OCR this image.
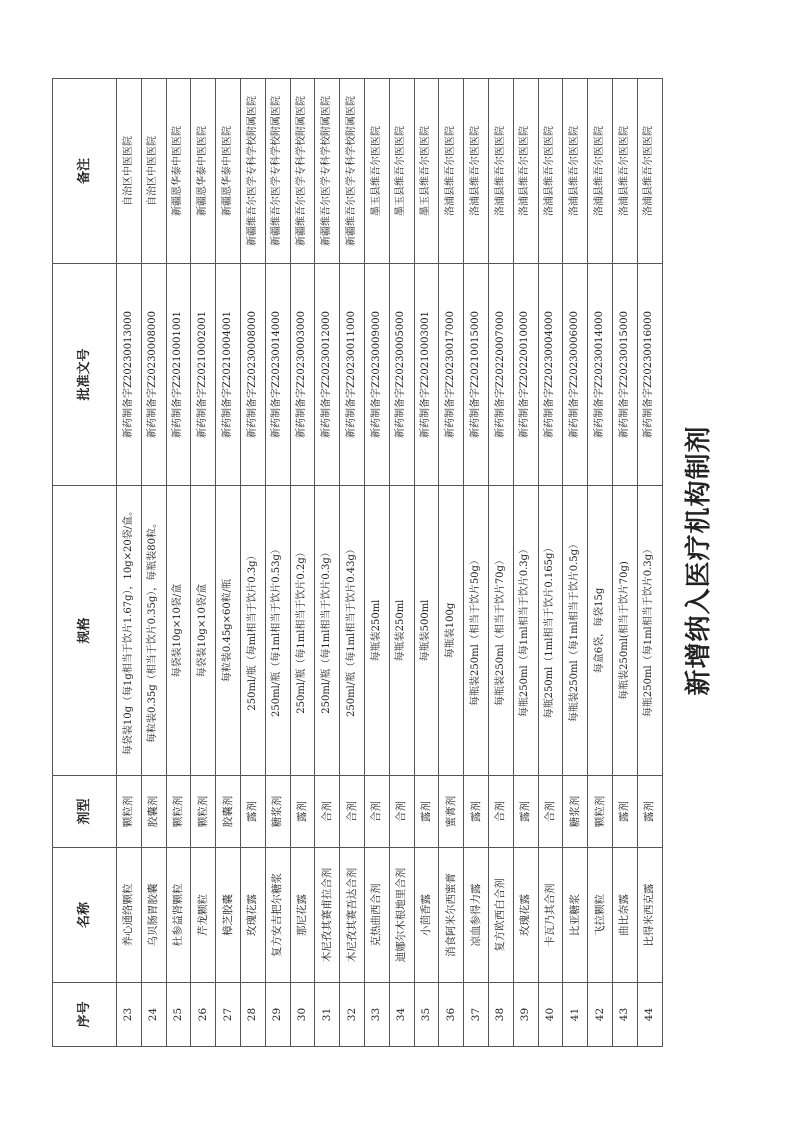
新增纳入医疗机构制剂
序号	名称	剂型	规格	批准文号	备注
23	养心通络颗粒	颗粒剂	每袋装10g（每1g相当于饮片1.67g），10g×20袋/盒。	新药制备字Z20230013000	自治区中医医院
24	乌贝肠胃胶囊	胶囊剂	每粒装0.35g（相当于饮片0.35g），每瓶装80粒。	新药制备字Z20230008000	自治区中医医院
25	杜参益肾颗粒	颗粒剂	每袋装10g×10袋/盒	新药制备字Z20210001001	新疆恩华泰中医医院
26	芹龙颗粒	颗粒剂	每袋装10g×10袋/盒	新药制备字Z20210002001	新疆恩华泰中医医院
27	樟芝胶囊	胶囊剂	每粒装0.45g×60粒/瓶	新药制备字Z20210004001	新疆恩华泰中医医院
28	玫瑰花露	露剂	250ml/瓶（每ml相当于饮片0.3g）	新药制备字Z20230008000	新疆维吾尔医学专科学校附属医院
29	复方安吉把尔糖浆	糖浆剂	250ml/瓶（每1ml相当于饮片0.53g）	新药制备字Z20230014000	新疆维吾尔医学专科学校附属医院
30	那尼花露	露剂	250ml/瓶（每1ml相当于饮片0.2g）	新药制备字Z20230003000	新疆维吾尔医学专科学校附属医院
31	木尼孜其赛甫拉合剂	合剂	250ml/瓶（每1ml相当于饮片0.3g）	新药制备字Z20230012000	新疆维吾尔医学专科学校附属医院
32	木尼孜其赛吾达合剂	合剂	250ml/瓶（每1ml相当于饮片0.43g）	新药制备字Z20230011000	新疆维吾尔医学专科学校附属医院
33	克热曲西合剂	合剂	每瓶装250ml	新药制备字Z20230009000	墨玉县维吾尔医医院
34	迪娜尔木根地里合剂	合剂	每瓶装250ml	新药制备字Z20230005000	墨玉县维吾尔医医院
35	小茴香露	露剂	每瓶装500ml	新药制备字Z20210003001	墨玉县维吾尔医医院
36	消食阿米尔西蜜膏	蜜膏剂	每瓶装100g	新药制备字Z20230017000	洛浦县维吾尔医医院
37	凉血参得力露	露剂	每瓶装250ml（相当于饮片50g）	新药制备字Z20210015000	洛浦县维吾尔医医院
38	复方欧西白合剂	合剂	每瓶装250ml（相当于饮片70g）	新药制备字Z20220007000	洛浦县维吾尔医医院
39	玫瑰花露	露剂	每瓶250ml（每1ml相当于饮片0.3g）	新药制备字Z20220010000	洛浦县维吾尔医医院
40	卡瓦乃其合剂	合剂	每瓶250ml（1ml相当于饮片0.165g）	新药制备字Z20230004000	洛浦县维吾尔医医院
41	比亚糖浆	糖浆剂	每瓶装250ml（每1ml相当于饮片0.5g）	新药制备字Z20230006000	洛浦县维吾尔医医院
42	飞拉颗粒	颗粒剂	每盒6袋，每袋15g	新药制备字Z20230014000	洛浦县维吾尔医医院
43	曲比奈露	露剂	每瓶装250ml(相当于饮片70g)	新药制备字Z20230015000	洛浦县维吾尔医医院
44	比得米西克露	露剂	每瓶250ml（每1ml相当于饮片0.3g）	新药制备字Z20230016000	洛浦县维吾尔医医院
